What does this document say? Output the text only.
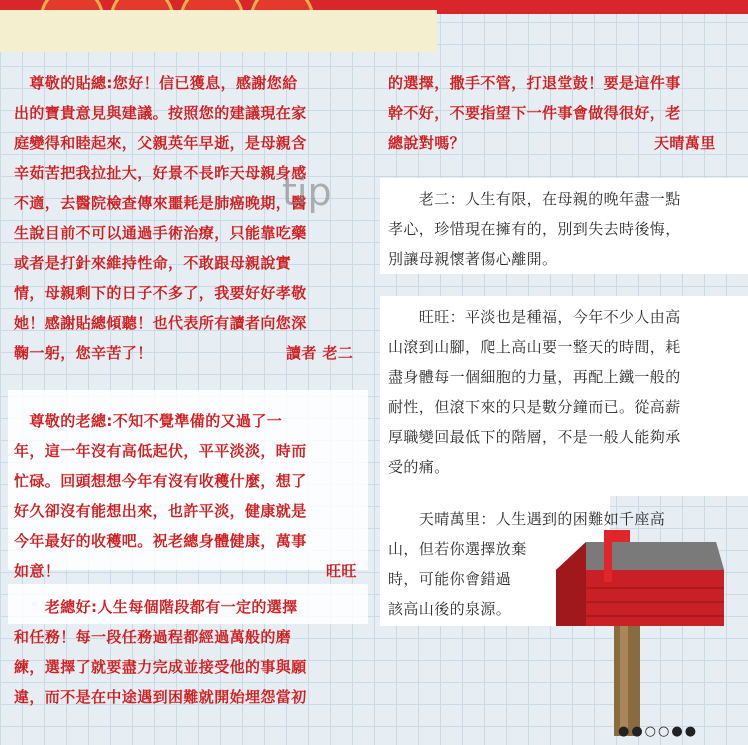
　尊敬的貼總:您好！信已獲息，感謝您給

出的寶貴意見與建議。按照您的建議現在家

庭變得和睦起來，父親英年早逝，是母親含

辛茹苦把我拉扯大，好景不長昨天母親身感

不適，去醫院檢查傳來噩耗是肺癌晚期，醫

生說目前不可以通過手術治療，只能靠吃藥

或者是打針來維持性命，不敢跟母親說實

情，母親剩下的日子不多了，我要好好孝敬

她！感謝貼總傾聽！也代表所有讀者向您深

鞠一躬，您辛苦了！	讀者 老二

　尊敬的老總:不知不覺準備的又過了一

年，這一年沒有高低起伏，平平淡淡，時而

忙碌。回頭想想今年有沒有收穫什麼，想了

好久卻沒有能想出來，也許平淡，健康就是

今年最好的收穫吧。祝老總身體健康，萬事

如意！	旺旺

　　老總好:人生每個階段都有一定的選擇

和任務！每一段任務過程都經過萬般的磨

練，選擇了就要盡力完成並接受他的事與願

違，而不是在中途遇到困難就開始埋怨當初

的選擇，撒手不管，打退堂鼓！要是這件事

幹不好，不要指望下一件事會做得很好，老

總說對嗎？	天晴萬里

　　老二：人生有限，在母親的晚年盡一點

孝心，珍惜現在擁有的，別到失去時後悔，

別讓母親懷著傷心離開。

　　旺旺：平淡也是種福，今年不少人由高

山滾到山腳，爬上高山要一整天的時間，耗

盡身體每一個細胞的力量，再配上鐵一般的

耐性，但滾下來的只是數分鐘而已。從高薪

厚職變回最低下的階層，不是一般人能夠承

受的痛。

　　天晴萬里：人生遇到的困難如千座高

山，但若你選擇放棄

時，可能你會錯過

該高山後的泉源。

tip
●●○○●●
